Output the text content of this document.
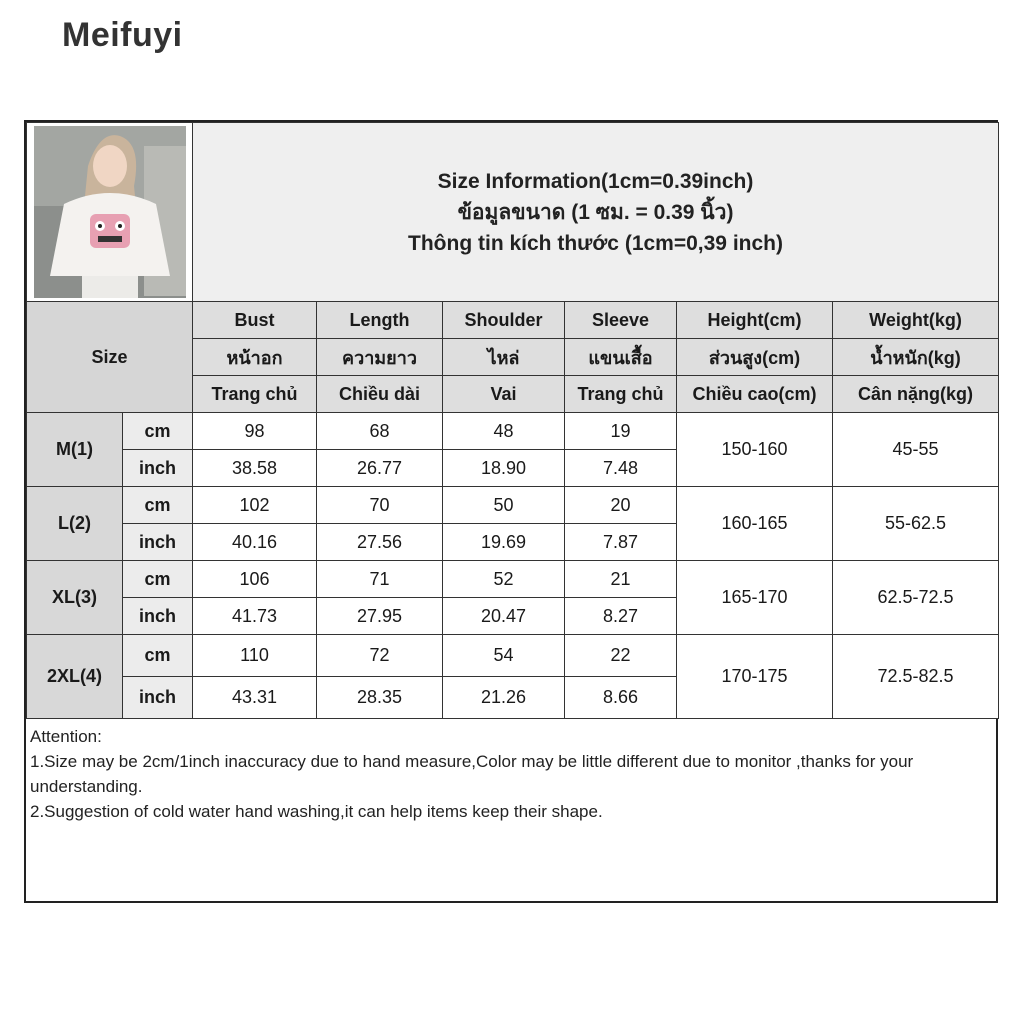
Meifuyi

Size Information(1cm=0.39inch)
ข้อมูลขนาด (1 ซม. = 0.39 นิ้ว)
Thông tin kích thước (1cm=0,39 inch)					

Size		Bust	Length	Shoulder	Sleeve	Height(cm)	Weight(kg)
		หน้าอก	ความยาว	ไหล่	แขนเสื้อ	ส่วนสูง(cm)	น้ำหนัก(kg)
		Trang chủ	Chiều dài	Vai	Trang chủ	Chiều cao(cm)	Cân nặng(kg)
M(1)	cm	98	68	48	19	150-160	45-55
	inch	38.58	26.77	18.90	7.48		
L(2)	cm	102	70	50	20	160-165	55-62.5
	inch	40.16	27.56	19.69	7.87		
XL(3)	cm	106	71	52	21	165-170	62.5-72.5
	inch	41.73	27.95	20.47	8.27		
2XL(4)	cm	110	72	54	22	170-175	72.5-82.5
	inch	43.31	28.35	21.26	8.66		
Attention:
1.Size may be 2cm/1inch inaccuracy due to hand measure,Color may be little different due to monitor ,thanks for your understanding.
2.Suggestion of cold water hand washing,it can help items keep their shape.
